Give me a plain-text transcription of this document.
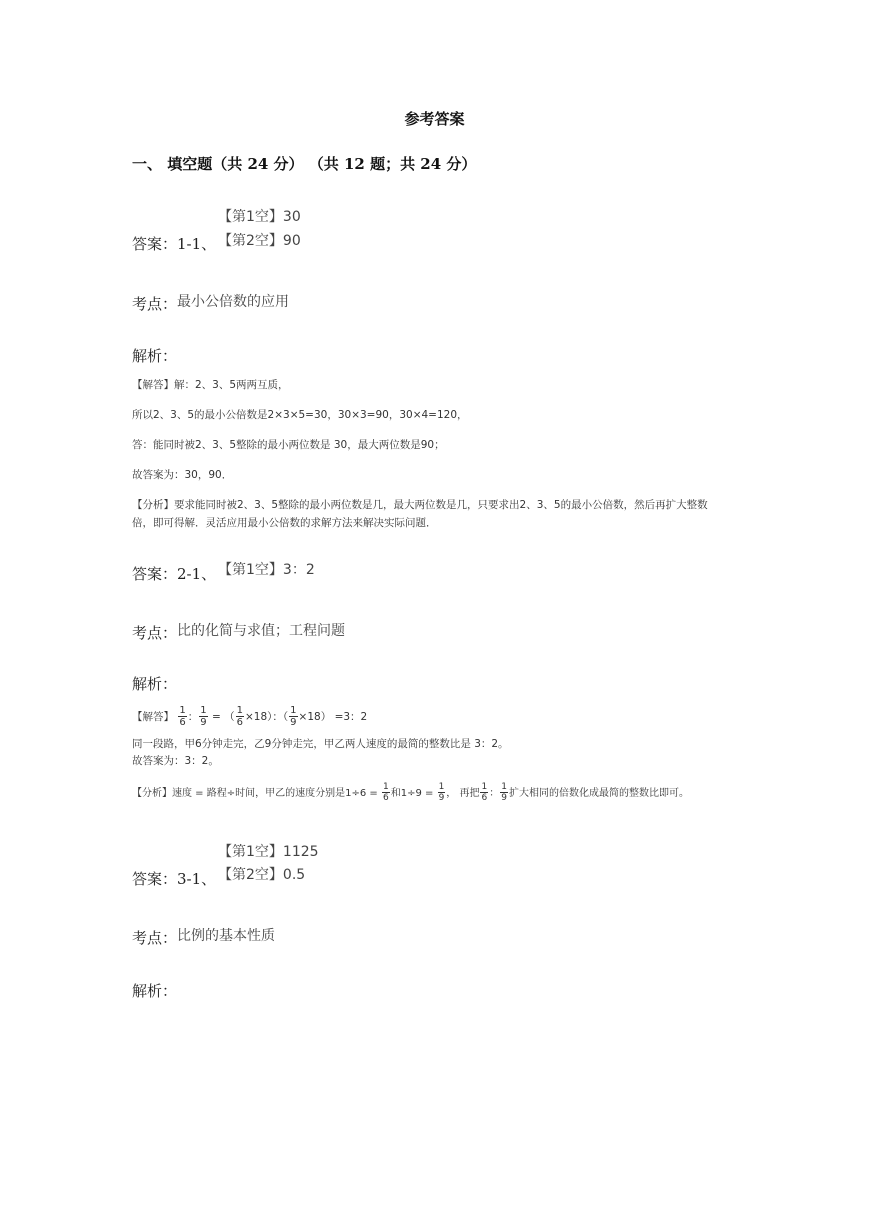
参考答案
一、 填空题（共 24 分） （共 12 题；共 24 分）
【第1空】30
【第2空】90
答案：1-1、
考点： 最小公倍数的应用
解析：
【解答】解：2、3、5两两互质，
所以2、3、5的最小公倍数是2×3×5=30，30×3=90，30×4=120，
答：能同时被2、3、5整除的最小两位数是 30，最大两位数是90；
故答案为：30，90．
【分析】要求能同时被2、3、5整除的最小两位数是几，最大两位数是几，只要求出2、3、5的最小公倍数，然后再扩大整数
倍，即可得解．灵活应用最小公倍数的求解方法来解决实际问题．
答案：2-1、 【第1空】3：2
考点： 比的化简与求值；工程问题
解析：
【解答】 $\frac{1}{6}$ ： $\frac{1}{9}$ = （ $\frac{1}{6} \times 18$）：（ $\frac{1}{9} \times 18) =3$：2
同一段路，甲6分钟走完，乙9分钟走完，甲乙两人速度的最简的整数比是 3：2。
故答案为：3：2。
【分析】速度 = 路程÷时间，甲乙的速度分别是$1\div 6 = \frac{1}{6}$ 和$1\div 9 = \frac{1}{9}$ ， 再把 $\frac{1}{6}$ ： $\frac{1}{9}$ 扩大相同的倍数化成最简的整数比即可。
【第1空】1125
【第2空】0.5
答案：3-1、
考点： 比例的基本性质
解析：
